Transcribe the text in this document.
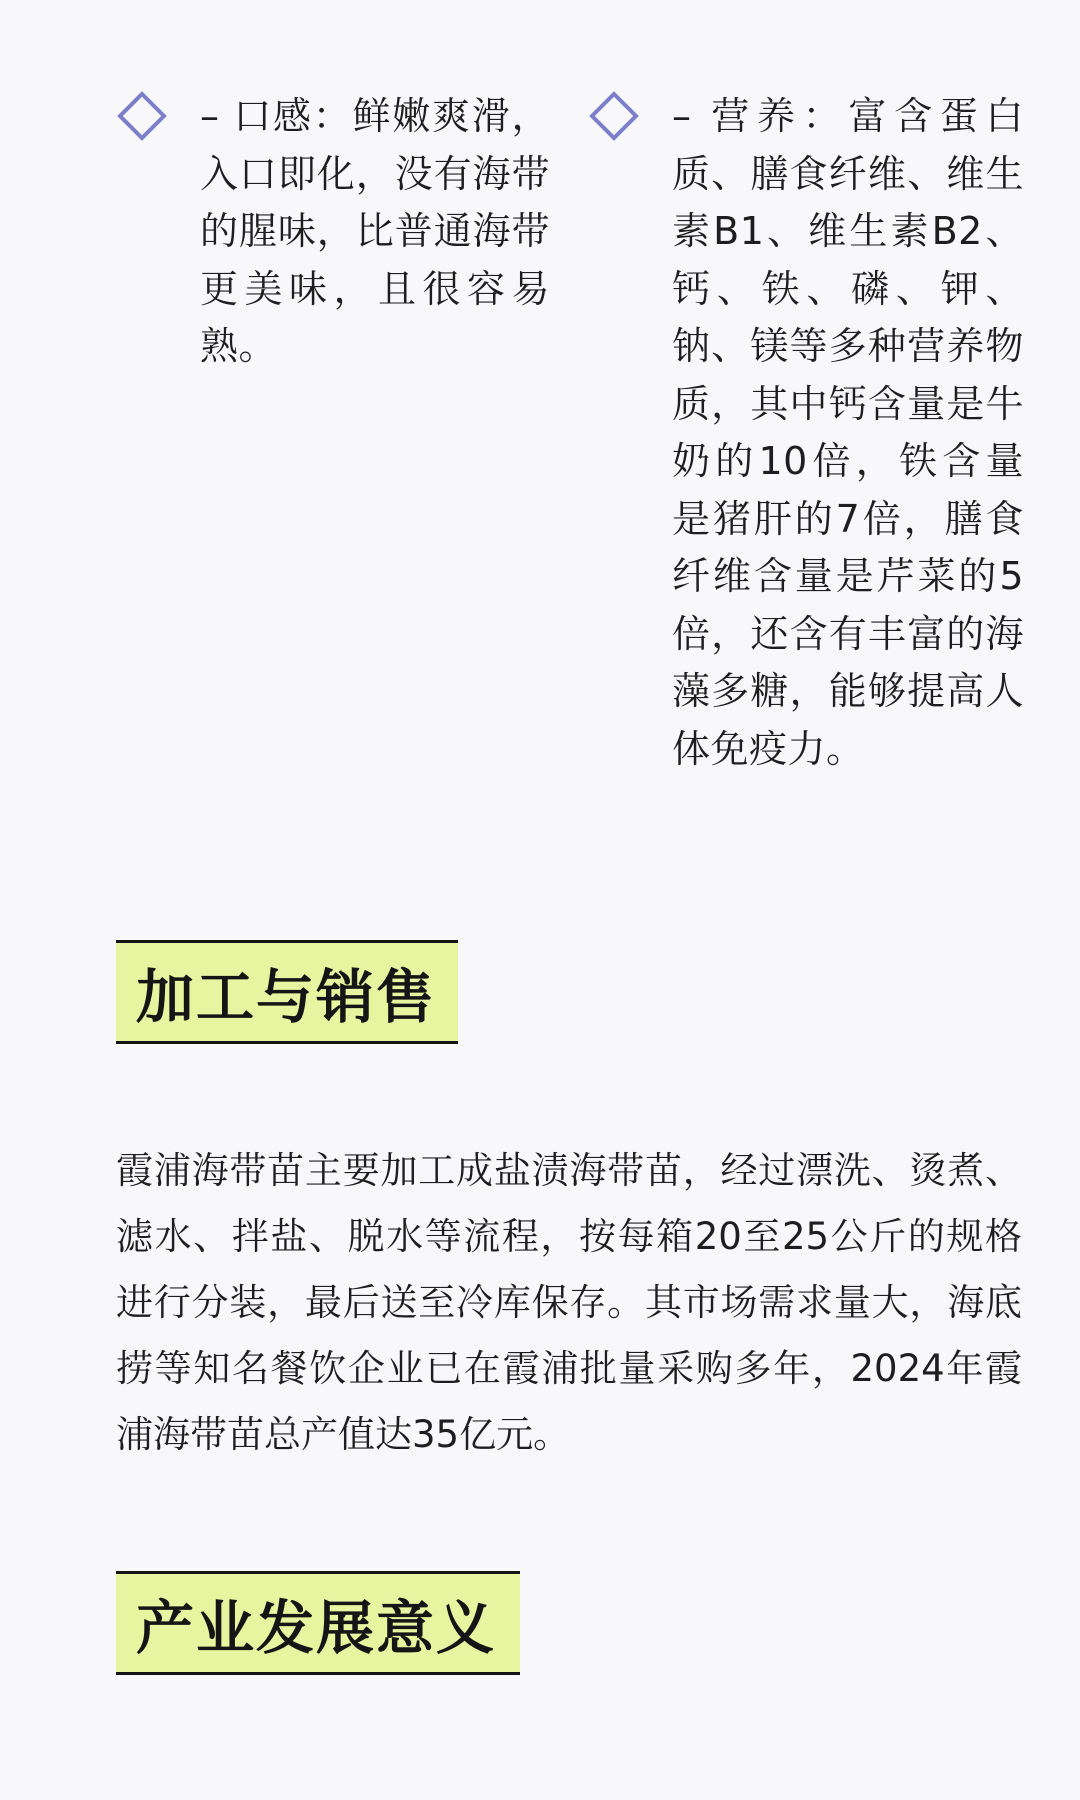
– 口感：鲜嫩爽滑，入口即化，没有海带的腥味，比普通海带更美味，且很容易熟。
– 营养：富含蛋白质、膳食纤维、维生素B1、维生素B2、钙、铁、磷、钾、钠、镁等多种营养物质，其中钙含量是牛奶的10倍，铁含量是猪肝的7倍，膳食纤维含量是芹菜的5倍，还含有丰富的海藻多糖，能够提高人体免疫力。
加工与销售
霞浦海带苗主要加工成盐渍海带苗，经过漂洗、烫煮、滤水、拌盐、脱水等流程，按每箱20至25公斤的规格进行分装，最后送至冷库保存。其市场需求量大，海底捞等知名餐饮企业已在霞浦批量采购多年，2024年霞浦海带苗总产值达35亿元。
产业发展意义
